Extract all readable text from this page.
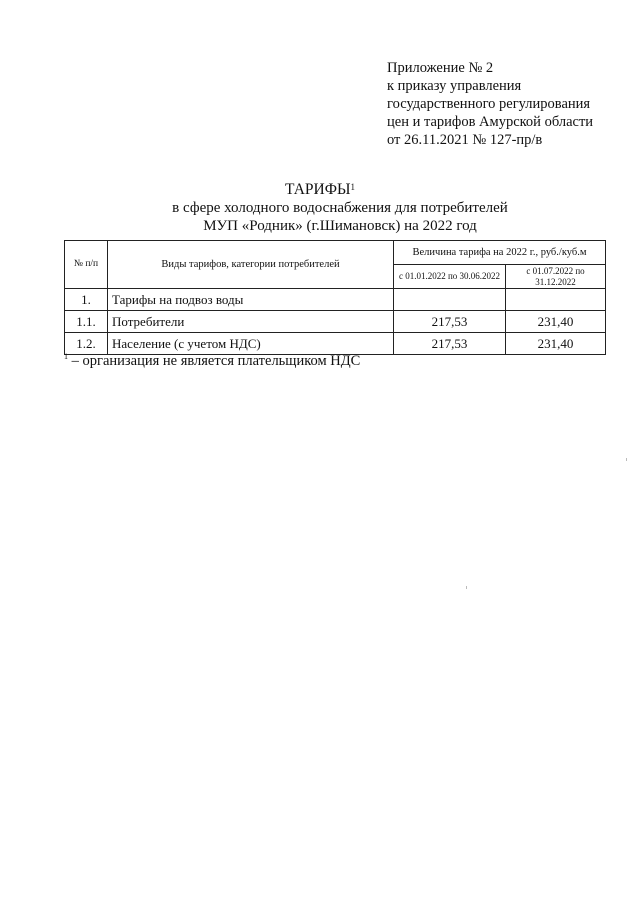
Приложение № 2
к приказу управления
государственного регулирования
цен и тарифов Амурской области
от 26.11.2021 № 127-пр/в
ТАРИФЫ$^1$
в сфере холодного водоснабжения для потребителей
МУП «Родник» (г.Шимановск) на 2022 год
№ п/п	Виды тарифов, категории потребителей	Величина тарифа на 2022 г., руб./куб.м	
		с 01.01.2022 по 30.06.2022	с 01.07.2022 по 31.12.2022
1.	Тарифы на подвоз воды		
1.1.	Потребители	217,53	231,40
1.2.	Население (с учетом НДС)	217,53	231,40
$^1$ – организация не является плательщиком НДС
